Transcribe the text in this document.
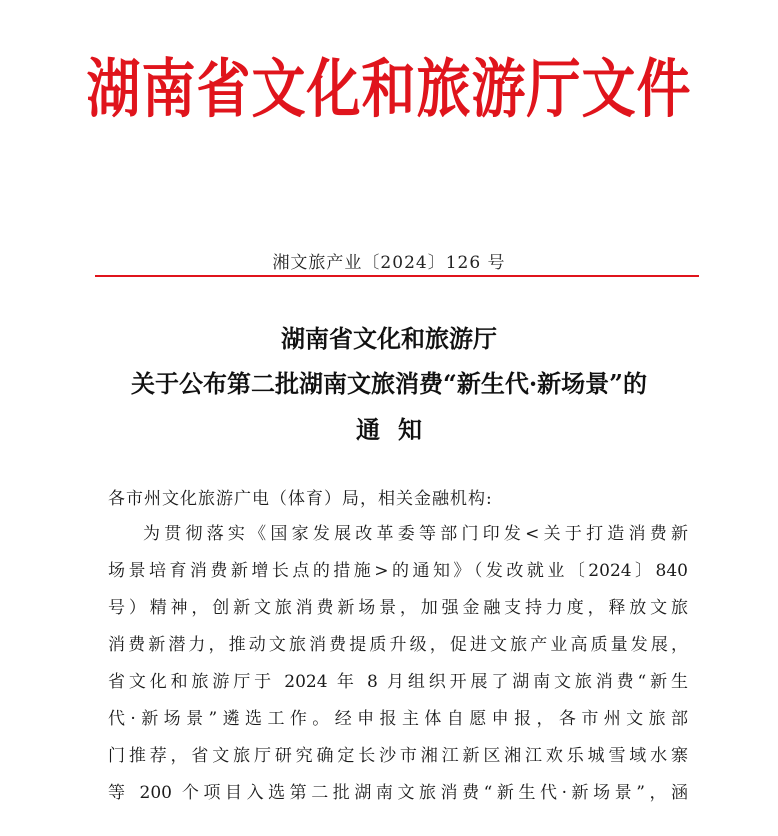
湖南省文化和旅游厅文件
湘文旅产业〔2024〕126 号
湖南省文化和旅游厅
关于公布第二批湖南文旅消费“新生代·新场景”的
通知
各市州文化旅游广电（体育）局，相关金融机构:
为贯彻落实《国家发展改革委等部门印发<关于打造消费新
场景培育消费新增长点的措施>的通知》（发改就业〔2024〕840
号）精神，创新文旅消费新场景，加强金融支持力度，释放文旅
消费新潜力，推动文旅消费提质升级，促进文旅产业高质量发展，
省文化和旅游厅于 2024 年 8 月组织开展了湖南文旅消费“新生
代·新场景”遴选工作。经申报主体自愿申报，各市州文旅部
门推荐，省文旅厅研究确定长沙市湘江新区湘江欢乐城雪域水寨
等 200 个项目入选第二批湖南文旅消费“新生代·新场景”，涵
